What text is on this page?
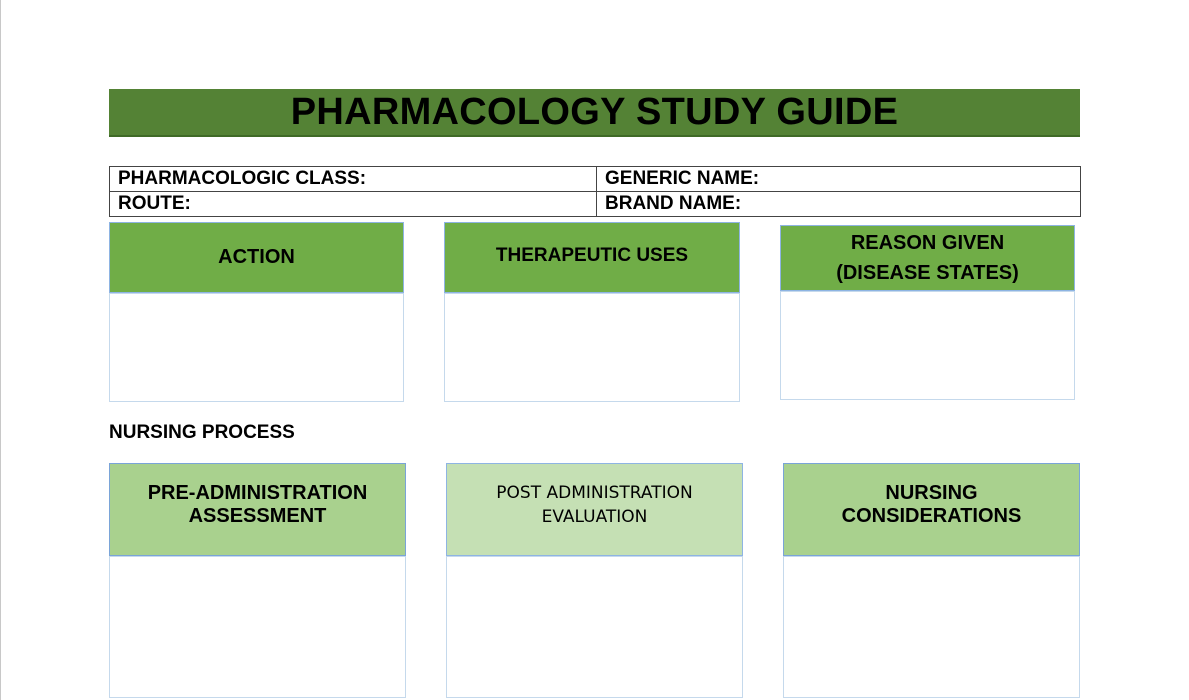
PHARMACOLOGY STUDY GUIDE
PHARMACOLOGIC CLASS:	GENERIC NAME:
ROUTE:	BRAND NAME:
ACTION	THERAPEUTIC USES
REASON GIVEN
(DISEASE STATES)
NURSING PROCESS
PRE-ADMINISTRATION
ASSESSMENT
POST ADMINISTRATION
EVALUATION
NURSING
CONSIDERATIONS
